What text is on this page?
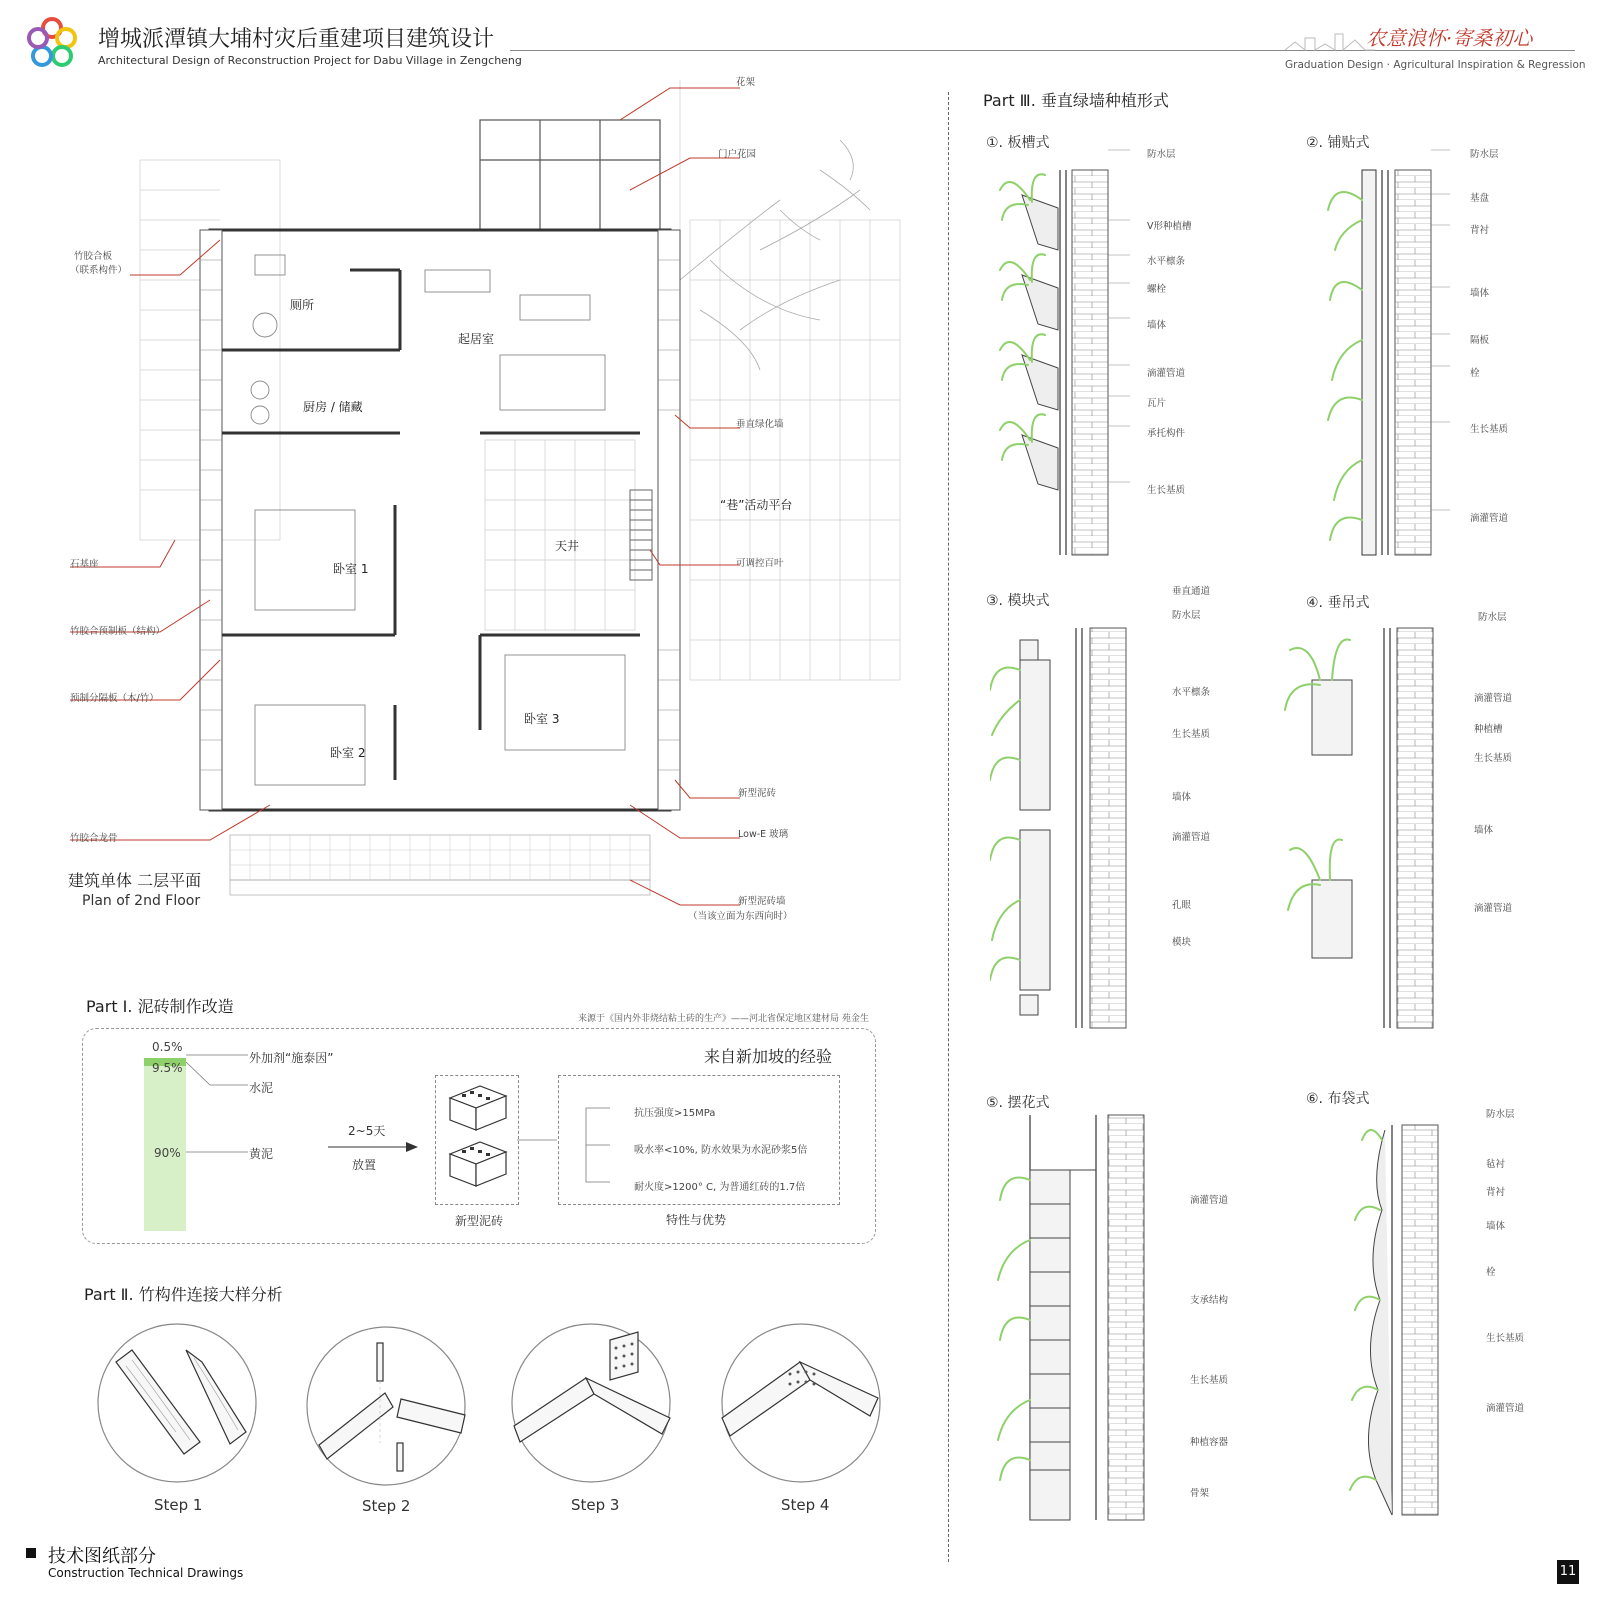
增城派潭镇大埔村灾后重建项目建筑设计
Architectural Design of Reconstruction Project for Dabu Village in Zengcheng
农意浪怀·寄桑初心
Graduation Design · Agricultural Inspiration & Regression
厕所
起居室
厨房 / 储藏
天井
卧室 1
卧室 2
卧室 3
“巷”活动平台
竹胶合板
（联系构件）
石基座
竹胶合预制板（结构）
预制分隔板（木/竹）
竹胶合龙骨
花架
门户花园
垂直绿化墙
可调控百叶
新型泥砖
Low-E 玻璃
新型泥砖墙
（当该立面为东西向时）
建筑单体 二层平面
Plan of 2nd Floor
Part Ⅰ. 泥砖制作改造
来源于《国内外非烧结粘土砖的生产》——河北省保定地区建材局 苑金生
0.5%
9.5%
90%
外加剂“施泰因”
水泥
黄泥
2~5天
放置
新型泥砖
抗压强度>15MPa
吸水率<10%, 防水效果为水泥砂浆5倍
耐火度>1200° C, 为普通红砖的1.7倍
来自新加坡的经验
特性与优势
Part Ⅱ. 竹构件连接大样分析
Step 1	Step 2	Step 3	Step 4
技术图纸部分
Construction Technical Drawings	11
Part Ⅲ. 垂直绿墙种植形式
①. 板槽式	②. 铺贴式
③. 模块式	④. 垂吊式
⑤. 摆花式	⑥. 布袋式
防水层
V形种植槽
水平檩条
螺栓
墙体
滴灌管道
瓦片
承托构件
生长基质
防水层
基盘
背衬
墙体
隔板
栓
生长基质
滴灌管道
垂直通道
防水层
水平檩条
生长基质
墙体
滴灌管道
孔眼
模块
防水层
滴灌管道
种植槽
生长基质
墙体
滴灌管道
滴灌管道
支承结构
生长基质
种植容器
骨架
防水层
毡衬
背衬
墙体
栓
生长基质
滴灌管道
